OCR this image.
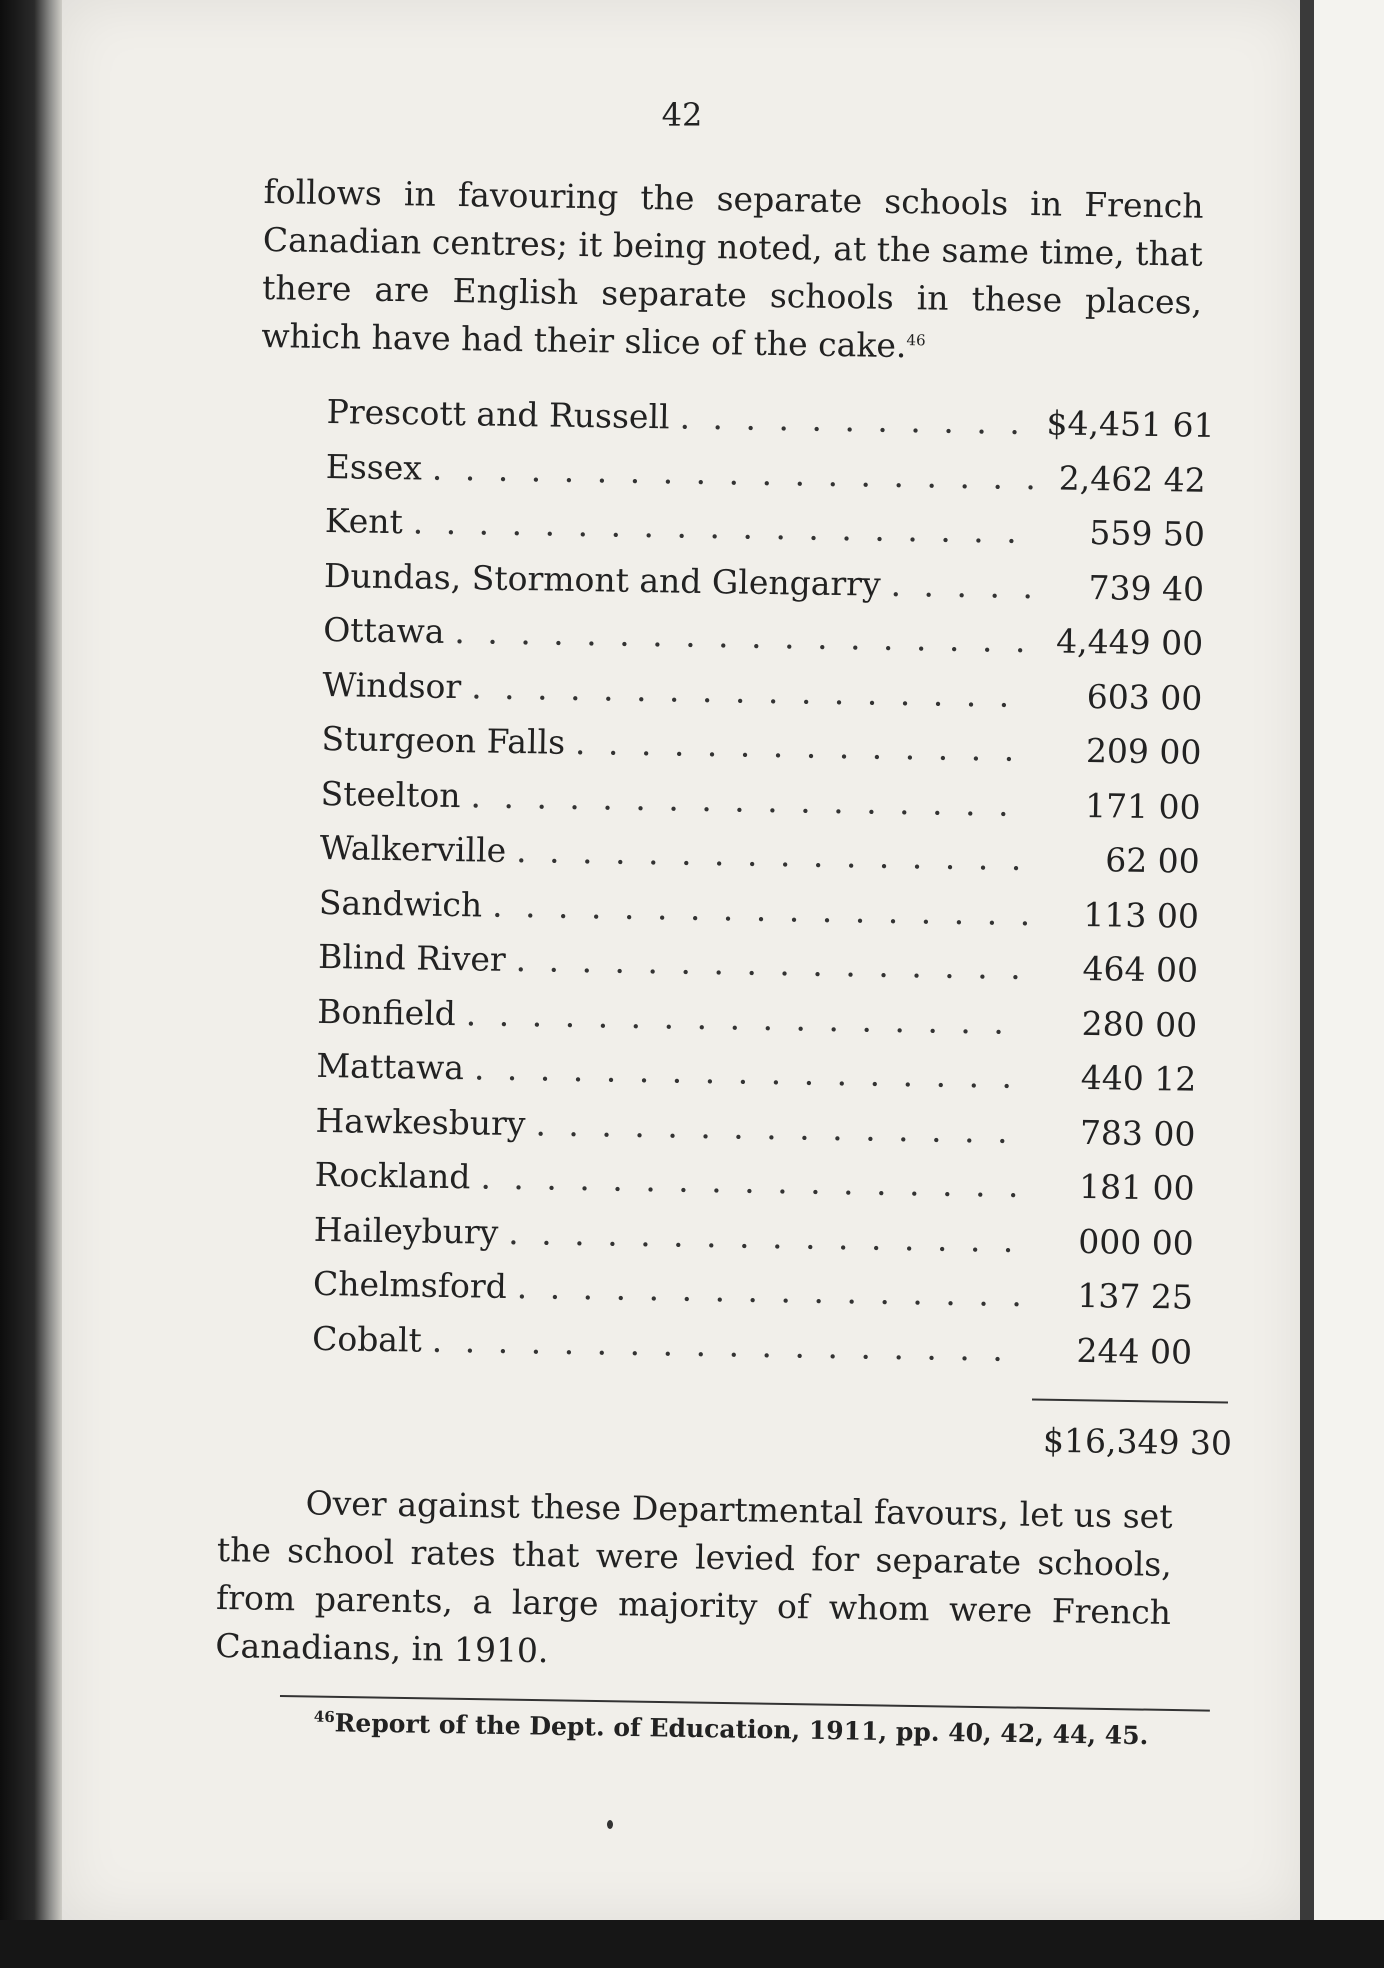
42
follows in favouring the separate schools in French Canadian centres; it being noted, at the same time, that there are English separate schools in these places, which have had their slice of the cake.$^{46}$
Prescott and Russell . . .	$4,451 61
Essex . . .	2,462 42
Kent . . .	559 50
Dundas, Stormont and Glengarry . . .	739 40
Ottawa . . .	4,449 00
Windsor . . .	603 00
Sturgeon Falls . . .	209 00
Steelton . . .	171 00
Walkerville . . .	62 00
Sandwich . . .	113 00
Blind River . . .	464 00
Bonfield . . .	280 00
Mattawa . . .	440 12
Hawkesbury . . .	783 00
Rockland . . .	181 00
Haileybury . . .	000 00
Chelmsford . . .	137 25
Cobalt . . .	244 00
$16,349 30
Over against these Departmental favours, let us set the school rates that were levied for separate schools, from parents, a large majority of whom were French Canadians, in 1910.
$^{46}$Report of the Dept. of Education, 1911, pp. 40, 42, 44, 45.
